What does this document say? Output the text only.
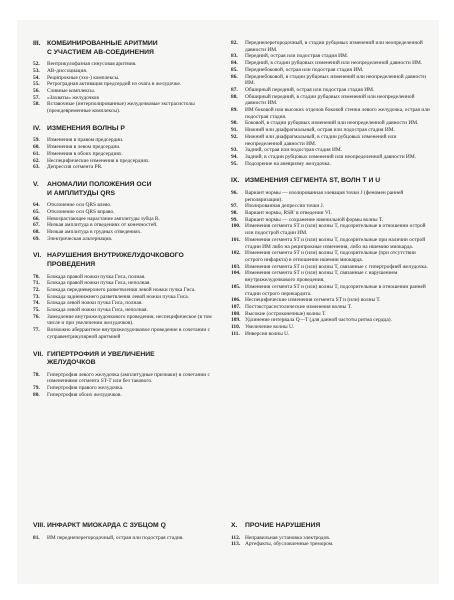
III. КОМБИНИРОВАННЫЕ АРИТМИИ
С УЧАСТИЕМ АВ-СОЕДИНЕНИЯ
52.	Вентрикулофазная синусовая аритмия.
53.	АВ-диссоциация.
54.	Реципрокные (эхо-) комплексы.
55.	Ретроградная активация предсердий из очага в желудочке.
56.	Сливные комплексы.
57.	«Захваты» желудочков
58.	Вставочные (интерполированные) желудочковые экстрасистолы (преждевременные комплексы).
IV. ИЗМЕНЕНИЯ ВОЛНЫ P
59.	Изменения в правом предсердии.
60.	Изменения в левом предсердии.
61.	Изменения в обоих предсердиях.
62.	Неспецифические изменения в предсердиях.
63.	Депрессия сегмента PR.
V. АНОМАЛИИ ПОЛОЖЕНИЯ ОСИ
И АМПЛИТУДЫ QRS
64.	Отклонение оси QRS влево.
65.	Отклонение оси QRS вправо.
66.	Невозрастающее нарастание амплитуды зубца R.
67.	Низкая амплитуда в отведениях от конечностей.
68.	Низкая амплитуда в грудных отведениях.
69.	Электрическая альтернация.
VI. НАРУШЕНИЯ ВНУТРИЖЕЛУДОЧКОВОГО
ПРОВЕДЕНИЯ
70.	Блокада правой ножки пучка Гиса, полная.
71.	Блокада правой ножки пучка Гиса, неполная.
72.	Блокада передневерхнего разветвления левой ножки пучка Гиса.
73.	Блокада задненижнего разветвления левой ножки пучка Гиса.
74.	Блокада левой ножки пучка Гиса, полная.
75.	Блокада левой ножки пучка Гиса, неполная.
76.	Замедление внутрижелудочкового проведения, неспецифическое (в том числе и при увеличении желудочков).
77.	Возможно аберрантное внутрижелудочковое проведение в сочетании с суправентрикулярной аритмией
VII. ГИПЕРТРОФИЯ И УВЕЛИЧЕНИЕ
ЖЕЛУДОЧКОВ
78.	Гипертрофия левого желудочка (амплитудные признаки) в сочетании с изменениями сегмента ST-T или без такового.
79.	Гипертрофия правого желудочка.
80.	Гипертрофия обоих желудочков.
VIII. ИНФАРКТ МИОКАРДА С ЗУБЦОМ Q
81.	ИМ переднеперегородочный, острая или подострая стадия.
82.	Переднеперегородочный, в стадии рубцовых изменений или неопределенной давности ИМ.
83.	Передний, острая или подострая стадия ИМ.
84.	Передний, в стадии рубцовых изменений или неопределенной давности ИМ.
85.	Переднебоковой, острая или подострая стадия ИМ.
86.	Переднебоковой, в стадии рубцовых изменений или неопределенной давности ИМ.
87.	Обширный передний, острая или подострая стадия ИМ.
88.	Обширный передний, в стадии рубцовых изменений или неопределенной давности ИМ.
89.	ИМ боковой или высоких отделов боковой стенки левого желудочка, острая или подострая стадия.
90.	Боковой, в стадии рубцовых изменений или неопределенной давности ИМ.
91.	Нижний или диафрагмальный, острая или подострая стадия ИМ.
92.	Нижний или диафрагмальный, в стадии рубцовых изменений или неопределенной давности ИМ.
93.	Задний, острая или подострая стадия ИМ.
94.	Задний, в стадии рубцовых изменений или неопределенной давности ИМ.
95.	Подозрение на аневризму желудочка.
IX. ИЗМЕНЕНИЯ СЕГМЕНТА ST, ВОЛН T И U
96.	Вариант нормы — изолированная элевация точки J (феномен ранней реполяризации).
97.	Изолированная депрессия точки J.
98.	Вариант нормы, RSR' в отведении VI.
99.	Вариант нормы — сохранение ювенильной формы волны T.
100. Изменения сегмента ST и (или) волны T, подозрительные в отношении острой или подострой стадии ИМ.
101. Изменения сегмента ST и (или) волны T, подозрительные при наличии острой стадии ИМ либо на реципрокные изменения, либо на ишемию миокарда.
102. Изменения сегмента ST и (или) волны T, подозрительные (при отсутствии острого инфаркта) в отношении ишемии миокарда.
103. Изменения сегмента ST и (или) волны T, связанные с гипертрофией желудочка.
104. Изменения сегмента ST и (или) волны T, связанные с нарушением внутрижелудочкового проведения.
105. Изменения сегмента ST и (или) волны T, подозрительные в отношении ранней стадии острого перикардита.
106. Неспецифические изменения сегмента ST и (или) волны T.
107. Постэкстрасистолические изменения волны T.
108. Высокие (остроконечные) волны T.
109. Удлинение интервала Q—T (для данной частоты ритма сердца).
110. Увеличение волны U.
111. Инверсия волны U.
X. ПРОЧИЕ НАРУШЕНИЯ
112. Неправильная установка электродов.
113. Артефакты, обусловленные тремором.
